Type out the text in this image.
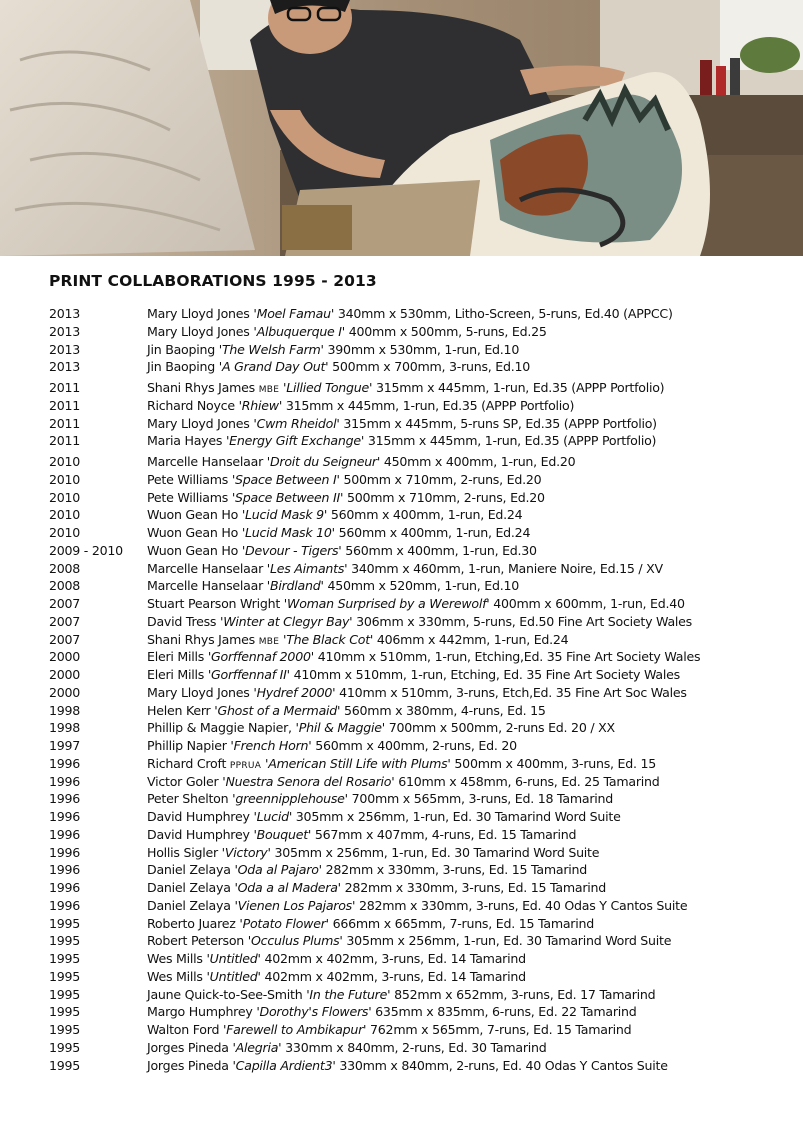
PRINT COLLABORATIONS 1995 - 2013
2013	Mary Lloyd Jones 'Moel Famau' 340mm x 530mm, Litho-Screen, 5-runs, Ed.40 (APPCC)
2013	Mary Lloyd Jones 'Albuquerque I' 400mm x 500mm, 5-runs, Ed.25
2013	Jin Baoping 'The Welsh Farm' 390mm x 530mm, 1-run, Ed.10
2013	Jin Baoping 'A Grand Day Out' 500mm x 700mm, 3-runs, Ed.10
2011	Shani Rhys James MBE 'Lillied Tongue' 315mm x 445mm, 1-run, Ed.35 (APPP Portfolio)
2011	Richard Noyce 'Rhiew' 315mm x 445mm, 1-run, Ed.35 (APPP Portfolio)
2011	Mary Lloyd Jones 'Cwm Rheidol' 315mm x 445mm, 5-runs SP, Ed.35 (APPP Portfolio)
2011	Maria Hayes 'Energy Gift Exchange' 315mm x 445mm, 1-run, Ed.35 (APPP Portfolio)
2010	Marcelle Hanselaar 'Droit du Seigneur' 450mm x 400mm, 1-run, Ed.20
2010	Pete Williams 'Space Between I' 500mm x 710mm, 2-runs, Ed.20
2010	Pete Williams 'Space Between II' 500mm x 710mm, 2-runs, Ed.20
2010	Wuon Gean Ho 'Lucid Mask 9' 560mm x 400mm, 1-run, Ed.24
2010	Wuon Gean Ho 'Lucid Mask 10' 560mm x 400mm, 1-run, Ed.24
2009 - 2010	Wuon Gean Ho 'Devour - Tigers' 560mm x 400mm, 1-run, Ed.30
2008	Marcelle Hanselaar 'Les Aimants' 340mm x 460mm, 1-run, Maniere Noire, Ed.15 / XV
2008	Marcelle Hanselaar 'Birdland' 450mm x 520mm, 1-run, Ed.10
2007	Stuart Pearson Wright 'Woman Surprised by a Werewolf' 400mm x 600mm, 1-run, Ed.40
2007	David Tress 'Winter at Clegyr Bay' 306mm x 330mm, 5-runs, Ed.50 Fine Art Society Wales
2007	Shani Rhys James MBE 'The Black Cot' 406mm x 442mm, 1-run, Ed.24
2000	Eleri Mills 'Gorffennaf 2000' 410mm x 510mm, 1-run, Etching,Ed. 35 Fine Art Society Wales
2000	Eleri Mills 'Gorffennaf II' 410mm x 510mm, 1-run, Etching, Ed. 35 Fine Art Society Wales
2000	Mary Lloyd Jones 'Hydref 2000' 410mm x 510mm, 3-runs, Etch,Ed. 35 Fine Art Soc Wales
1998	Helen Kerr 'Ghost of a Mermaid' 560mm x 380mm, 4-runs, Ed. 15
1998	Phillip & Maggie Napier, 'Phil & Maggie' 700mm x 500mm, 2-runs Ed. 20 / XX
1997	Phillip Napier 'French Horn' 560mm x 400mm, 2-runs, Ed. 20
1996	Richard Croft PPRUA 'American Still Life with Plums' 500mm x 400mm, 3-runs, Ed. 15
1996	Victor Goler 'Nuestra Senora del Rosario' 610mm x 458mm, 6-runs, Ed. 25 Tamarind
1996	Peter Shelton 'greennipplehouse' 700mm x 565mm, 3-runs, Ed. 18 Tamarind
1996	David Humphrey 'Lucid' 305mm x 256mm, 1-run, Ed. 30 Tamarind Word Suite
1996	David Humphrey 'Bouquet' 567mm x 407mm, 4-runs, Ed. 15 Tamarind
1996	Hollis Sigler 'Victory' 305mm x 256mm, 1-run, Ed. 30 Tamarind Word Suite
1996	Daniel Zelaya 'Oda al Pajaro' 282mm x 330mm, 3-runs, Ed. 15 Tamarind
1996	Daniel Zelaya 'Oda a al Madera' 282mm x 330mm, 3-runs, Ed. 15 Tamarind
1996	Daniel Zelaya 'Vienen Los Pajaros' 282mm x 330mm, 3-runs, Ed. 40 Odas Y Cantos Suite
1995	Roberto Juarez 'Potato Flower' 666mm x 665mm, 7-runs, Ed. 15 Tamarind
1995	Robert Peterson 'Occulus Plums' 305mm x 256mm, 1-run, Ed. 30 Tamarind Word Suite
1995	Wes Mills 'Untitled' 402mm x 402mm, 3-runs, Ed. 14 Tamarind
1995	Wes Mills 'Untitled' 402mm x 402mm, 3-runs, Ed. 14 Tamarind
1995	Jaune Quick-to-See-Smith 'In the Future' 852mm x 652mm, 3-runs, Ed. 17 Tamarind
1995	Margo Humphrey 'Dorothy's Flowers' 635mm x 835mm, 6-runs, Ed. 22 Tamarind
1995	Walton Ford 'Farewell to Ambikapur' 762mm x 565mm, 7-runs, Ed. 15 Tamarind
1995	Jorges Pineda 'Alegria' 330mm x 840mm, 2-runs, Ed. 30 Tamarind
1995	Jorges Pineda 'Capilla Ardient3' 330mm x 840mm, 2-runs, Ed. 40 Odas Y Cantos Suite
